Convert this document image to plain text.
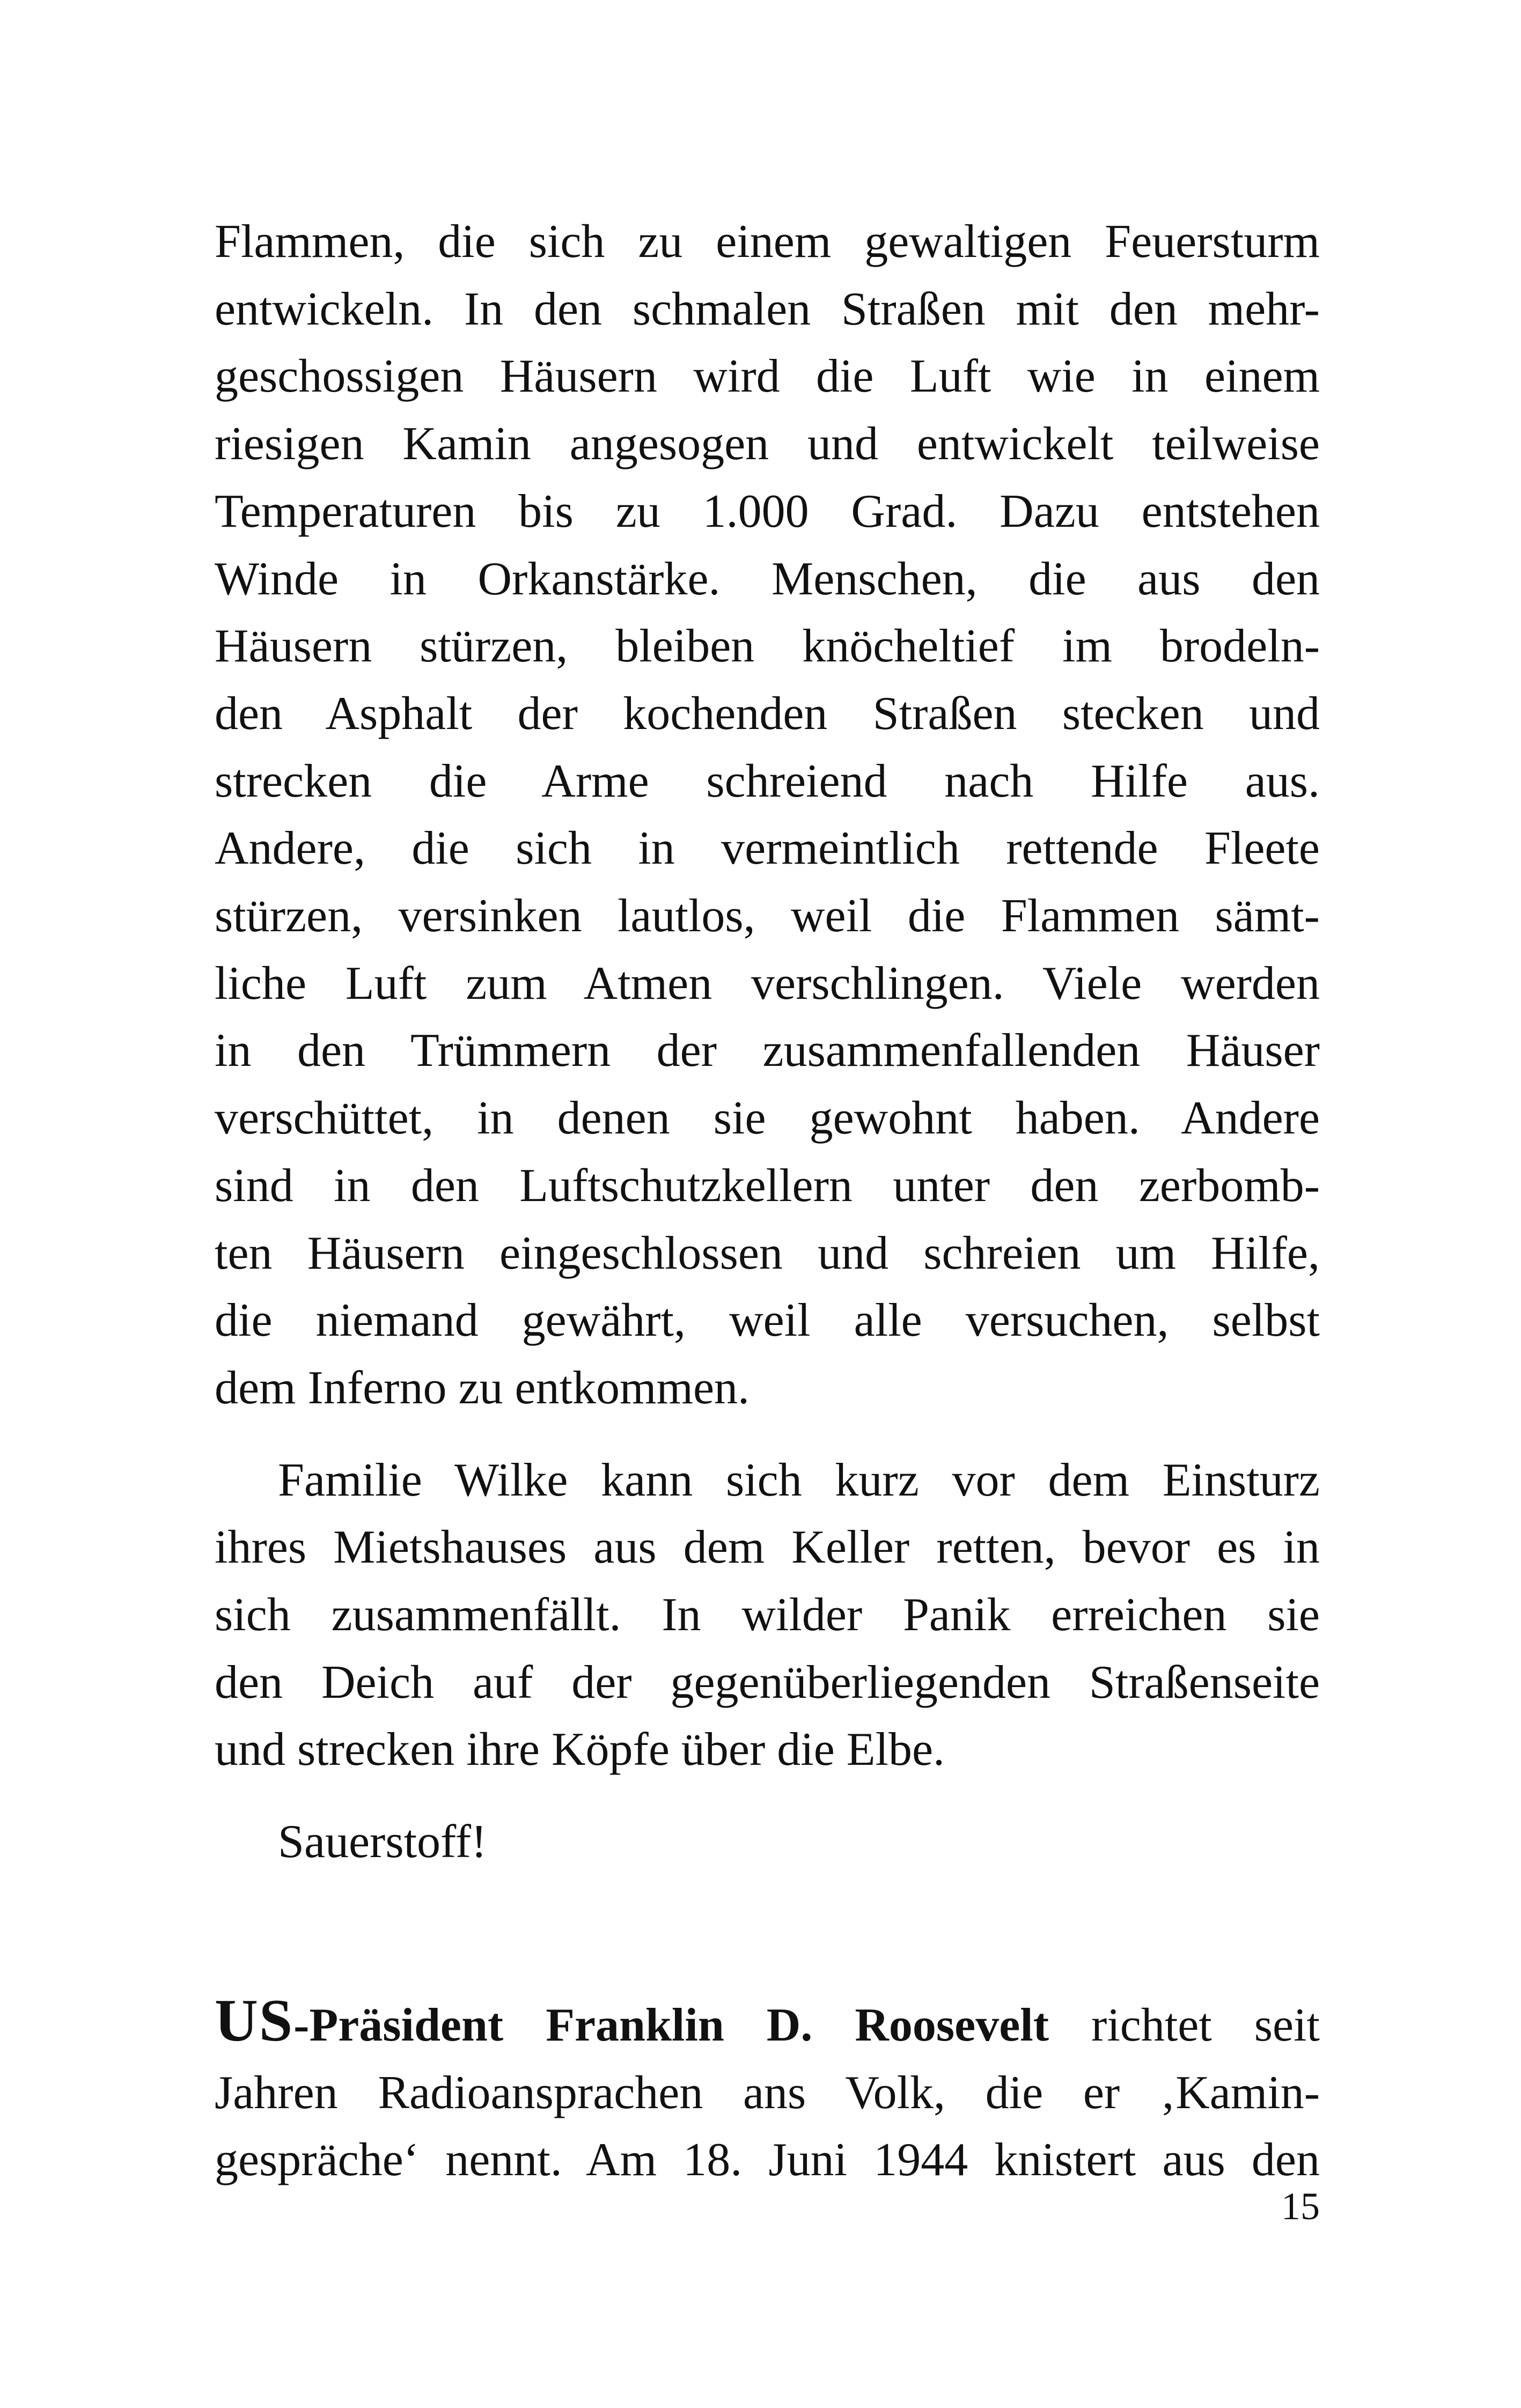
Flammen, die sich zu einem gewaltigen Feuersturm
entwickeln. In den schmalen Straßen mit den mehr-
geschossigen Häusern wird die Luft wie in einem
riesigen Kamin angesogen und entwickelt teilweise
Temperaturen bis zu 1.000 Grad. Dazu entstehen
Winde in Orkanstärke. Menschen, die aus den
Häusern stürzen, bleiben knöcheltief im brodeln-
den Asphalt der kochenden Straßen stecken und
strecken die Arme schreiend nach Hilfe aus.
Andere, die sich in vermeintlich rettende Fleete
stürzen, versinken lautlos, weil die Flammen sämt-
liche Luft zum Atmen verschlingen. Viele werden
in den Trümmern der zusammenfallenden Häuser
verschüttet, in denen sie gewohnt haben. Andere
sind in den Luftschutzkellern unter den zerbomb-
ten Häusern eingeschlossen und schreien um Hilfe,
die niemand gewährt, weil alle versuchen, selbst
dem Inferno zu entkommen.

Familie Wilke kann sich kurz vor dem Einsturz
ihres Mietshauses aus dem Keller retten, bevor es in
sich zusammenfällt. In wilder Panik erreichen sie
den Deich auf der gegenüberliegenden Straßenseite
und strecken ihre Köpfe über die Elbe.

Sauerstoff!

US-Präsident Franklin D. Roosevelt richtet seit
Jahren Radioansprachen ans Volk, die er ‚Kamin-
gespräche‘ nennt. Am 18. Juni 1944 knistert aus den

15
